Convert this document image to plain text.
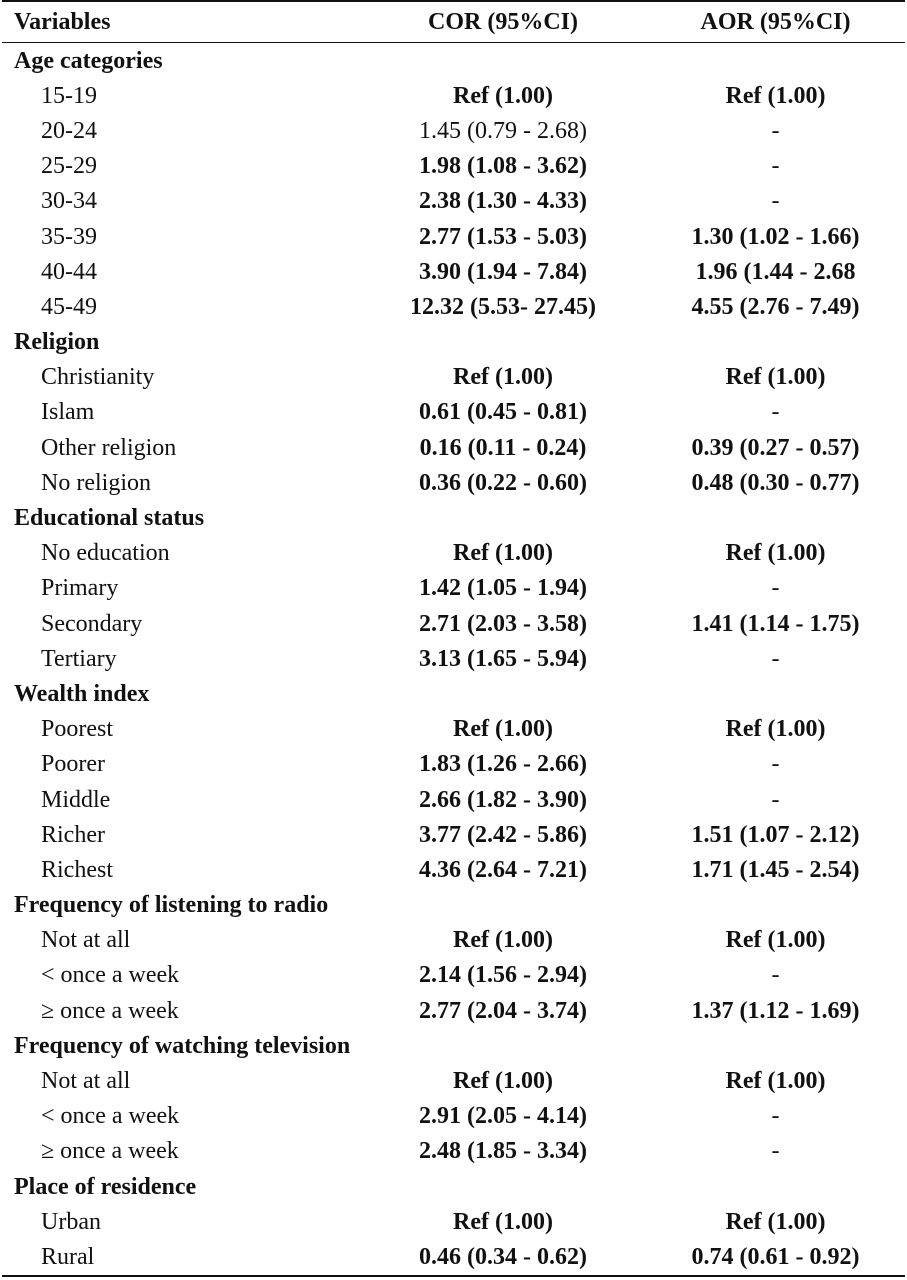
Variables	COR (95%CI)	AOR (95%CI)
Age categories
15-19	Ref (1.00)	Ref (1.00)
20-24	1.45 (0.79 - 2.68)	-
25-29	1.98 (1.08 - 3.62)	-
30-34	2.38 (1.30 - 4.33)	-
35-39	2.77 (1.53 - 5.03)	1.30 (1.02 - 1.66)
40-44	3.90 (1.94 - 7.84)	1.96 (1.44 - 2.68
45-49	12.32 (5.53- 27.45)	4.55 (2.76 - 7.49)
Religion
Christianity	Ref (1.00)	Ref (1.00)
Islam	0.61 (0.45 - 0.81)	-
Other religion	0.16 (0.11 - 0.24)	0.39 (0.27 - 0.57)
No religion	0.36 (0.22 - 0.60)	0.48 (0.30 - 0.77)
Educational status
No education	Ref (1.00)	Ref (1.00)
Primary	1.42 (1.05 - 1.94)	-
Secondary	2.71 (2.03 - 3.58)	1.41 (1.14 - 1.75)
Tertiary	3.13 (1.65 - 5.94)	-
Wealth index
Poorest	Ref (1.00)	Ref (1.00)
Poorer	1.83 (1.26 - 2.66)	-
Middle	2.66 (1.82 - 3.90)	-
Richer	3.77 (2.42 - 5.86)	1.51 (1.07 - 2.12)
Richest	4.36 (2.64 - 7.21)	1.71 (1.45 - 2.54)
Frequency of listening to radio
Not at all	Ref (1.00)	Ref (1.00)
< once a week	2.14 (1.56 - 2.94)	-
≥ once a week	2.77 (2.04 - 3.74)	1.37 (1.12 - 1.69)
Frequency of watching television
Not at all	Ref (1.00)	Ref (1.00)
< once a week	2.91 (2.05 - 4.14)	-
≥ once a week	2.48 (1.85 - 3.34)	-
Place of residence
Urban	Ref (1.00)	Ref (1.00)
Rural	0.46 (0.34 - 0.62)	0.74 (0.61 - 0.92)
